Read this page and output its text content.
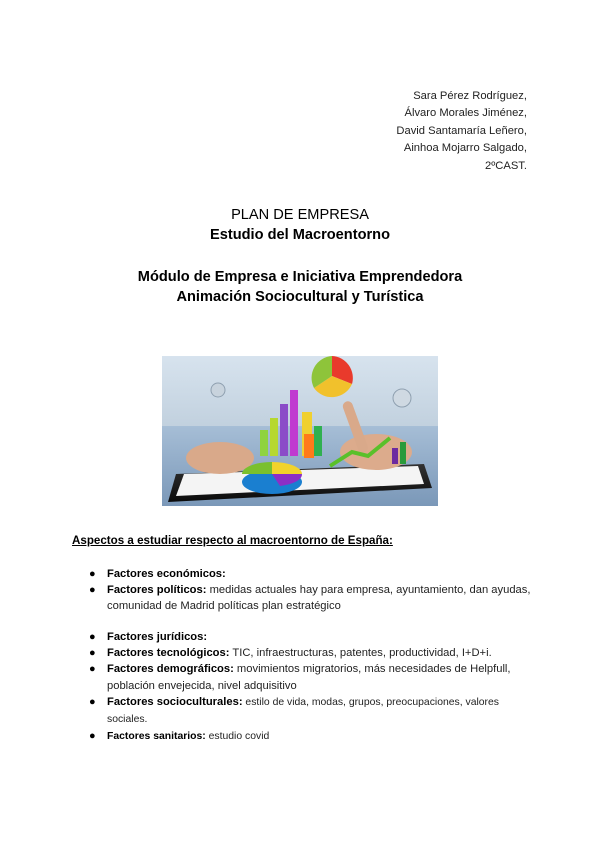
Sara Pérez Rodríguez,
Álvaro Morales Jiménez,
David Santamaría Leñero,
Ainhoa Mojarro Salgado,
2ºCAST.
PLAN DE EMPRESA
Estudio del Macroentorno
Módulo de Empresa e Iniciativa Emprendedora
Animación Sociocultural y Turística
Aspectos a estudiar respecto al macroentorno de España:
● Factores económicos:
● Factores políticos: medidas actuales hay para empresa, ayuntamiento, dan ayudas, comunidad de Madrid políticas plan estratégico
● Factores jurídicos:
● Factores tecnológicos: TIC, infraestructuras, patentes, productividad, I+D+i.
● Factores demográficos: movimientos migratorios, más necesidades de Helpfull, población envejecida, nivel adquisitivo
● Factores socioculturales: estilo de vida, modas, grupos, preocupaciones, valores sociales.
● Factores sanitarios: estudio covid
